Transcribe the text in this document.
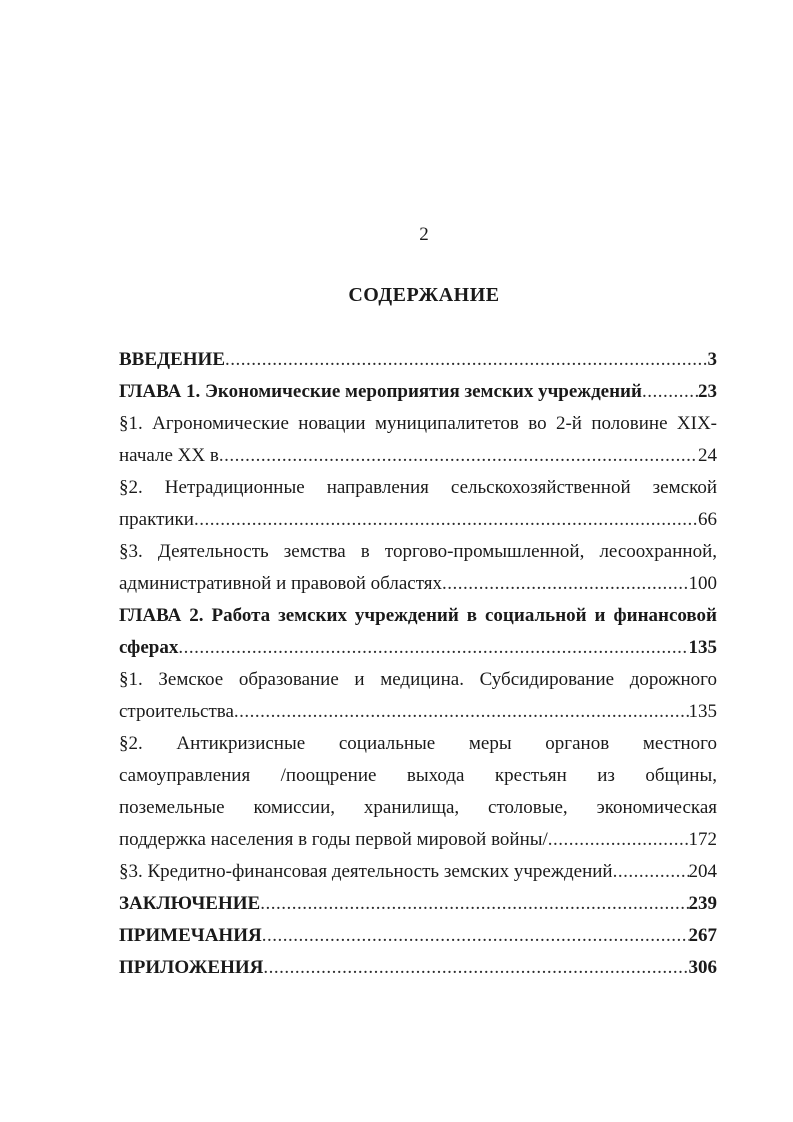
2
СОДЕРЖАНИЕ
ВВЕДЕНИЕ .....	3
ГЛАВА 1. Экономические мероприятия земских учреждений .....	23
§1. Агрономические новации муниципалитетов во 2-й половине XIX-
начале XX в .....	24
§2. Нетрадиционные направления сельскохозяйственной земской
практики .....	66
§3. Деятельность земства в торгово-промышленной, лесоохранной,
административной и правовой областях .....	100
ГЛАВА 2. Работа земских учреждений в социальной и финансовой
сферах .....	135
§1. Земское образование и медицина. Субсидирование дорожного
строительства .....	135
§2. Антикризисные социальные меры органов местного
самоуправления /поощрение выхода крестьян из общины,
поземельные комиссии, хранилища, столовые, экономическая
поддержка населения в годы первой мировой войны/ .....	172
§3. Кредитно-финансовая деятельность земских учреждений .....	204
ЗАКЛЮЧЕНИЕ .....	239
ПРИМЕЧАНИЯ .....	267
ПРИЛОЖЕНИЯ .....	306
